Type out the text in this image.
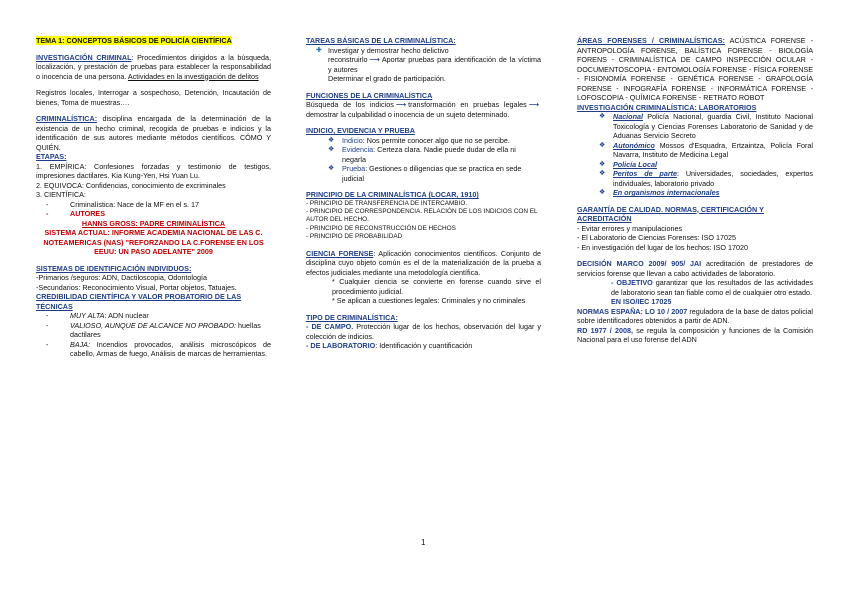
TEMA 1: CONCEPTOS BÁSICOS DE POLICÍA CIENTÍFICA

INVESTIGACIÓN CRIMINAL: Procedimientos dirigidos a la búsqueda, localización, y prestación de pruebas para establecer la responsabilidad o inocencia de una persona. Actividades en la investigación de delitos

Registros locales, Interrogar a sospechoso, Detención, Incautación de bienes, Toma de muestras….

CRIMINALÍSTICA: disciplina encargada de la determinación de la existencia de un hecho criminal, recogida de pruebas e indicios y la identificación de sus autores mediante métodos científicos. CÓMO Y QUIÉN.

ETAPAS:

1. EMPÍRICA: Confesiones forzadas y testimonio de testigos, impresiones dactilares. Kia Kung-Yen, Hsi Yuan Lu.

2. EQUIVOCA: Confidencias, conocimiento de excriminales

3. CIENTÍFICA:

- Criminalística: Nace de la MF en el s. 17
- AUTORES

HANNS GROSS: PADRE CRIMINALÍSTICA

SISTEMA ACTUAL: INFORME ACADEMIA NACIONAL DE LAS C. NOTEAMERICAS (NAS) "REFORZANDO LA C.FORENSE EN LOS EEUU: UN PASO ADELANTE" 2009

SISTEMAS DE IDENTIFICACIÓN INDIVIDUOS:

-Primarios /seguros: ADN, Dactiloscopia, Odontología

-Secundarios: Reconocimiento Visual, Portar objetos, Tatuajes.

CREDIBILIDAD CIENTÍFICA Y VALOR PROBATORIO DE LAS TÉCNICAS

- MUY ALTA: ADN nuclear
- VALIOSO, AUNQUE DE ALCANCE NO PROBADO: huellas dactilares
- BAJA: Incendios provocados, análisis microscópicos de cabello, Armas de fuego, Análisis de marcas de herramientas.

TAREAS BÁSICAS DE LA CRIMINALÍSTICA:

✚ Investigar y demostrar hecho delictivo

reconstruirlo ⟶ Aportar pruebas para identificación de la víctima y autores

Determinar el grado de participación.

FUNCIONES DE LA CRIMINALÍSTICA

Búsqueda de los indicios ⟶ transformación en pruebas legales ⟶demostrar la culpabilidad o inocencia de un sujeto determinado.

INDICIO, EVIDENCIA Y PRUEBA

❖ Indicio: Nos permite conocer algo que no se percibe.
❖ Evidencia: Certeza clara. Nadie puede dudar de ella ni negarla
❖ Prueba: Gestiones o diligencias que se practica en sede judicial

PRINCIPIO DE LA CRIMINALÍSTICA (LOCAR, 1910)

- PRINCIPIO DE TRANSFERENCIA DE INTERCAMBIO.

- PRINCIPIO DE CORRESPONDENCIA. RELACIÓN DE LOS INDICIOS CON EL AUTOR DEL HECHO.

- PRINCIPIO DE RECONSTRUCCIÓN DE HECHOS

- PRINCIPIO DE PROBABILIDAD

CIENCIA FORENSE: Aplicación conocimientos científicos. Conjunto de disciplina cuyo objeto común es el de la materialización de la prueba a efectos judiciales mediante una metodología científica.

* Cualquier ciencia se convierte en forense cuando sirve el procedimiento judicial.

* Se aplican a cuestiones legales: Criminales y no criminales

TIPO DE CRIMINALÍSTICA:

- DE CAMPO. Protección lugar de los hechos, observación del lugar y colección de indicios.

- DE LABORATORIO: Identificación y cuantificación

ÁREAS FORENSES / CRIMINALÍSTICAS: ACÚSTICA FORENSE -ANTROPOLOGÍA FORENSE, BALÍSTICA FORENSE - BIOLOGÍA FORENS - CRIMINALÍSTICA DE CAMPO INSPECCIÓN OCULAR - DOCUMENTOSCOPIA - ENTOMOLOGÍA FORENSE - FÍSICA FORENSE - FISIONOMÍA FORENSE - GENÉTICA FORENSE - GRAFOLOGÍA FORENSE - INFOGRAFÍA FORENSE - INFORMÁTICA FORENSE - LOFOSCOPIA - QUÍMICA FORENSE - RETRATO ROBOT

INVESTIGACIÓN CRIMINALÍSTICA: LABORATORIOS

❖ Nacional Policía Nacional, guardia Civil, Instituto Nacional Toxicología y Ciencias Forenses Laboratorio de Sanidad y de Aduanas Servicio Secreto
❖ Autonómico Mossos d'Esquadra, Ertzaintza, Policía Foral Navarra, Instituto de Medicina Legal
❖ Policía Local
❖ Peritos de parte: Universidades, sociedades, expertos individuales, laboratorio privado
❖ En organismos internacionales

GARANTÍA DE CALIDAD. NORMAS, CERTIFICACIÓN Y ACREDITACIÓN

- Evitar errores y manipulaciones

- El Laboratorio de Ciencias Forenses: ISO 17025

- En investigación del lugar de los hechos: ISO 17020

DECISIÓN MARCO 2009/ 905/ JAI acreditación de prestadores de servicios forense que llevan a cabo actividades de laboratorio.

- OBJETIVO garantizar que los resultados de las actividades de laboratorio sean tan fiable como el de cualquier otro estado.

EN ISO/IEC 17025

NORMAS ESPAÑA: LO 10 / 2007 reguladora de la base de datos policial sobre identificadores obtenidos a partir de ADN.

RD 1977 / 2008, se regula la composición y funciones de la Comisión Nacional para el uso forense del ADN

1
